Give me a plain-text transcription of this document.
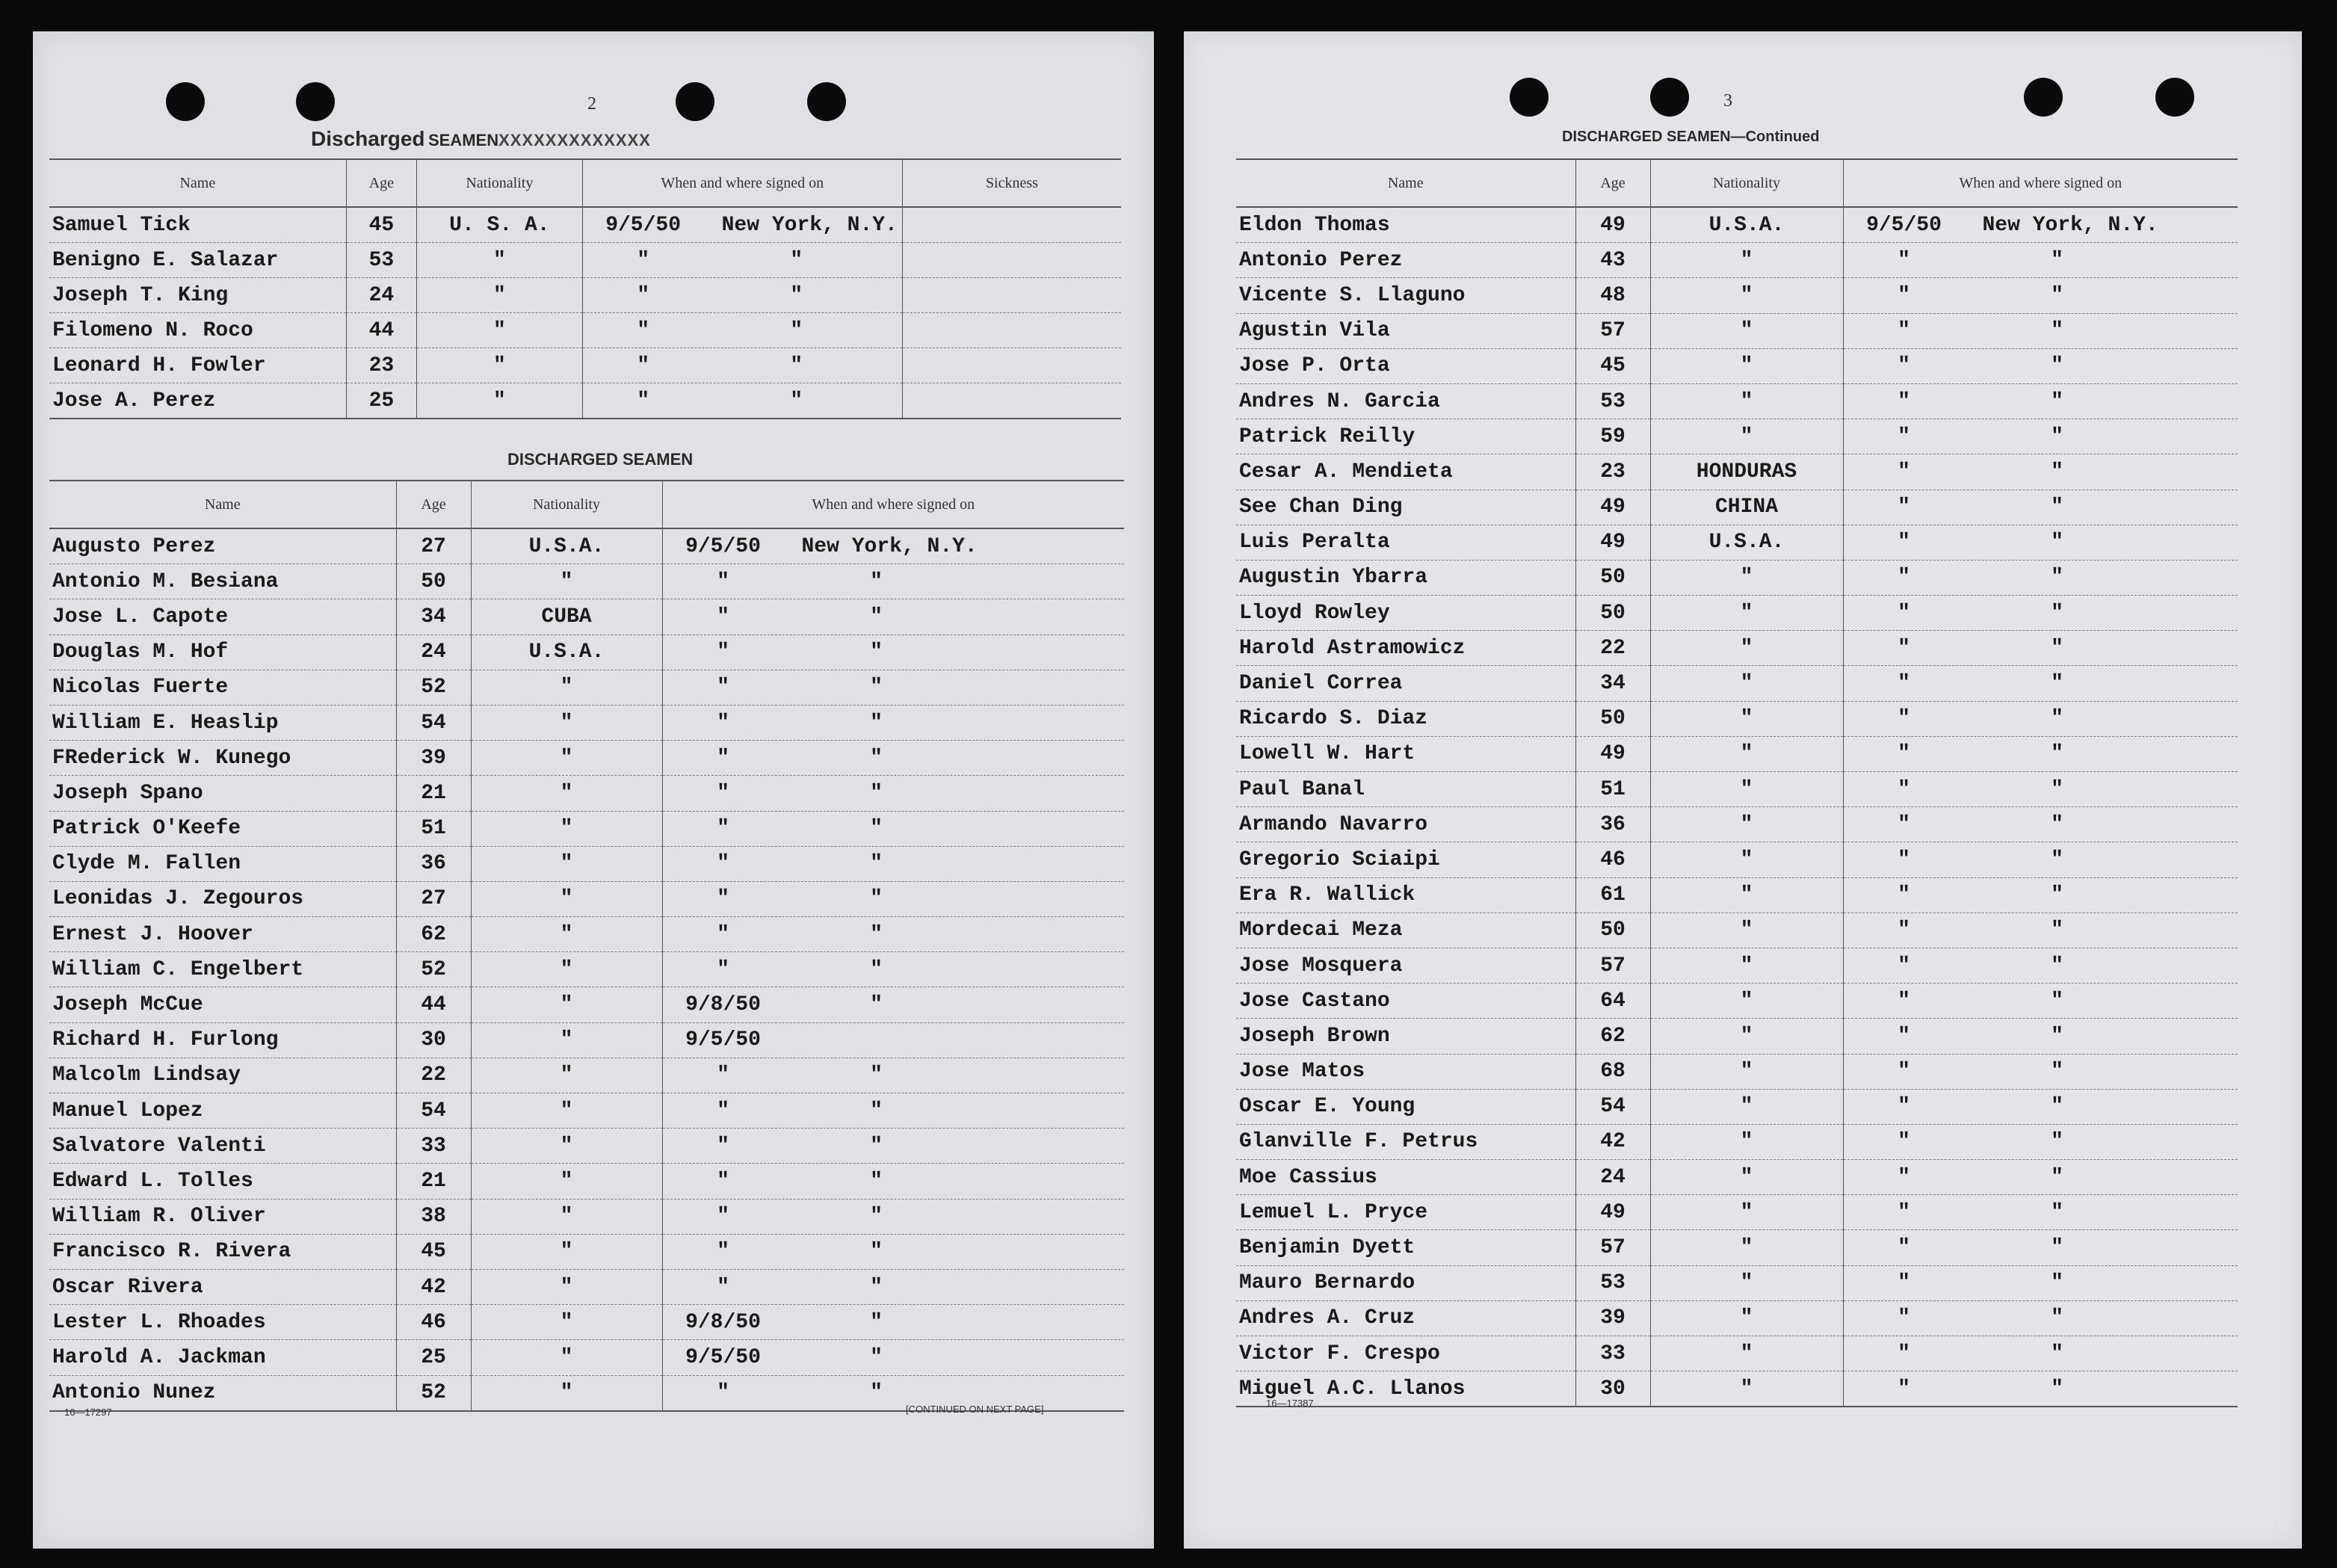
2
Discharged SEAMENXXXXXXXXXXXXX
Name	Age	Nationality	When and where signed on	Sickness
Samuel Tick	45	U. S. A.	9/5/50 New York, N.Y.	
Benigno E. Salazar	53	"	" "	
Joseph T. King	24	"	" "	
Filomeno N. Roco	44	"	" "	
Leonard H. Fowler	23	"	" "	
Jose A. Perez	25	"	" "	
DISCHARGED SEAMEN
Name	Age	Nationality	When and where signed on
Augusto Perez	27	U.S.A.	9/5/50 New York, N.Y.
Antonio M. Besiana	50	"	" "
Jose L. Capote	34	CUBA	" "
Douglas M. Hof	24	U.S.A.	" "
Nicolas Fuerte	52	"	" "
William E. Heaslip	54	"	" "
FRederick W. Kunego	39	"	" "
Joseph Spano	21	"	" "
Patrick O'Keefe	51	"	" "
Clyde M. Fallen	36	"	" "
Leonidas J. Zegouros	27	"	" "
Ernest J. Hoover	62	"	" "
William C. Engelbert	52	"	" "
Joseph McCue	44	"	9/8/50 "
Richard H. Furlong	30	"	9/5/50
Malcolm Lindsay	22	"	" "
Manuel Lopez	54	"	" "
Salvatore Valenti	33	"	" "
Edward L. Tolles	21	"	" "
William R. Oliver	38	"	" "
Francisco R. Rivera	45	"	" "
Oscar Rivera	42	"	" "
Lester L. Rhoades	46	"	9/8/50 "
Harold A. Jackman	25	"	9/5/50 "
Antonio Nunez	52	"	" "
16—17297	[CONTINUED ON NEXT PAGE]
3
DISCHARGED SEAMEN—Continued
Name	Age	Nationality	When and where signed on
Eldon Thomas	49	U.S.A.	9/5/50 New York, N.Y.
Antonio Perez	43	"	" "
Vicente S. Llaguno	48	"	" "
Agustin Vila	57	"	" "
Jose P. Orta	45	"	" "
Andres N. Garcia	53	"	" "
Patrick Reilly	59	"	" "
Cesar A. Mendieta	23	HONDURAS	" "
See Chan Ding	49	CHINA	" "
Luis Peralta	49	U.S.A.	" "
Augustin Ybarra	50	"	" "
Lloyd Rowley	50	"	" "
Harold Astramowicz	22	"	" "
Daniel Correa	34	"	" "
Ricardo S. Diaz	50	"	" "
Lowell W. Hart	49	"	" "
Paul Banal	51	"	" "
Armando Navarro	36	"	" "
Gregorio Sciaipi	46	"	" "
Era R. Wallick	61	"	" "
Mordecai Meza	50	"	" "
Jose Mosquera	57	"	" "
Jose Castano	64	"	" "
Joseph Brown	62	"	" "
Jose Matos	68	"	" "
Oscar E. Young	54	"	" "
Glanville F. Petrus	42	"	" "
Moe Cassius	24	"	" "
Lemuel L. Pryce	49	"	" "
Benjamin Dyett	57	"	" "
Mauro Bernardo	53	"	" "
Andres A. Cruz	39	"	" "
Victor F. Crespo	33	"	" "
Miguel A.C. Llanos	30	"	" "
16—17387
